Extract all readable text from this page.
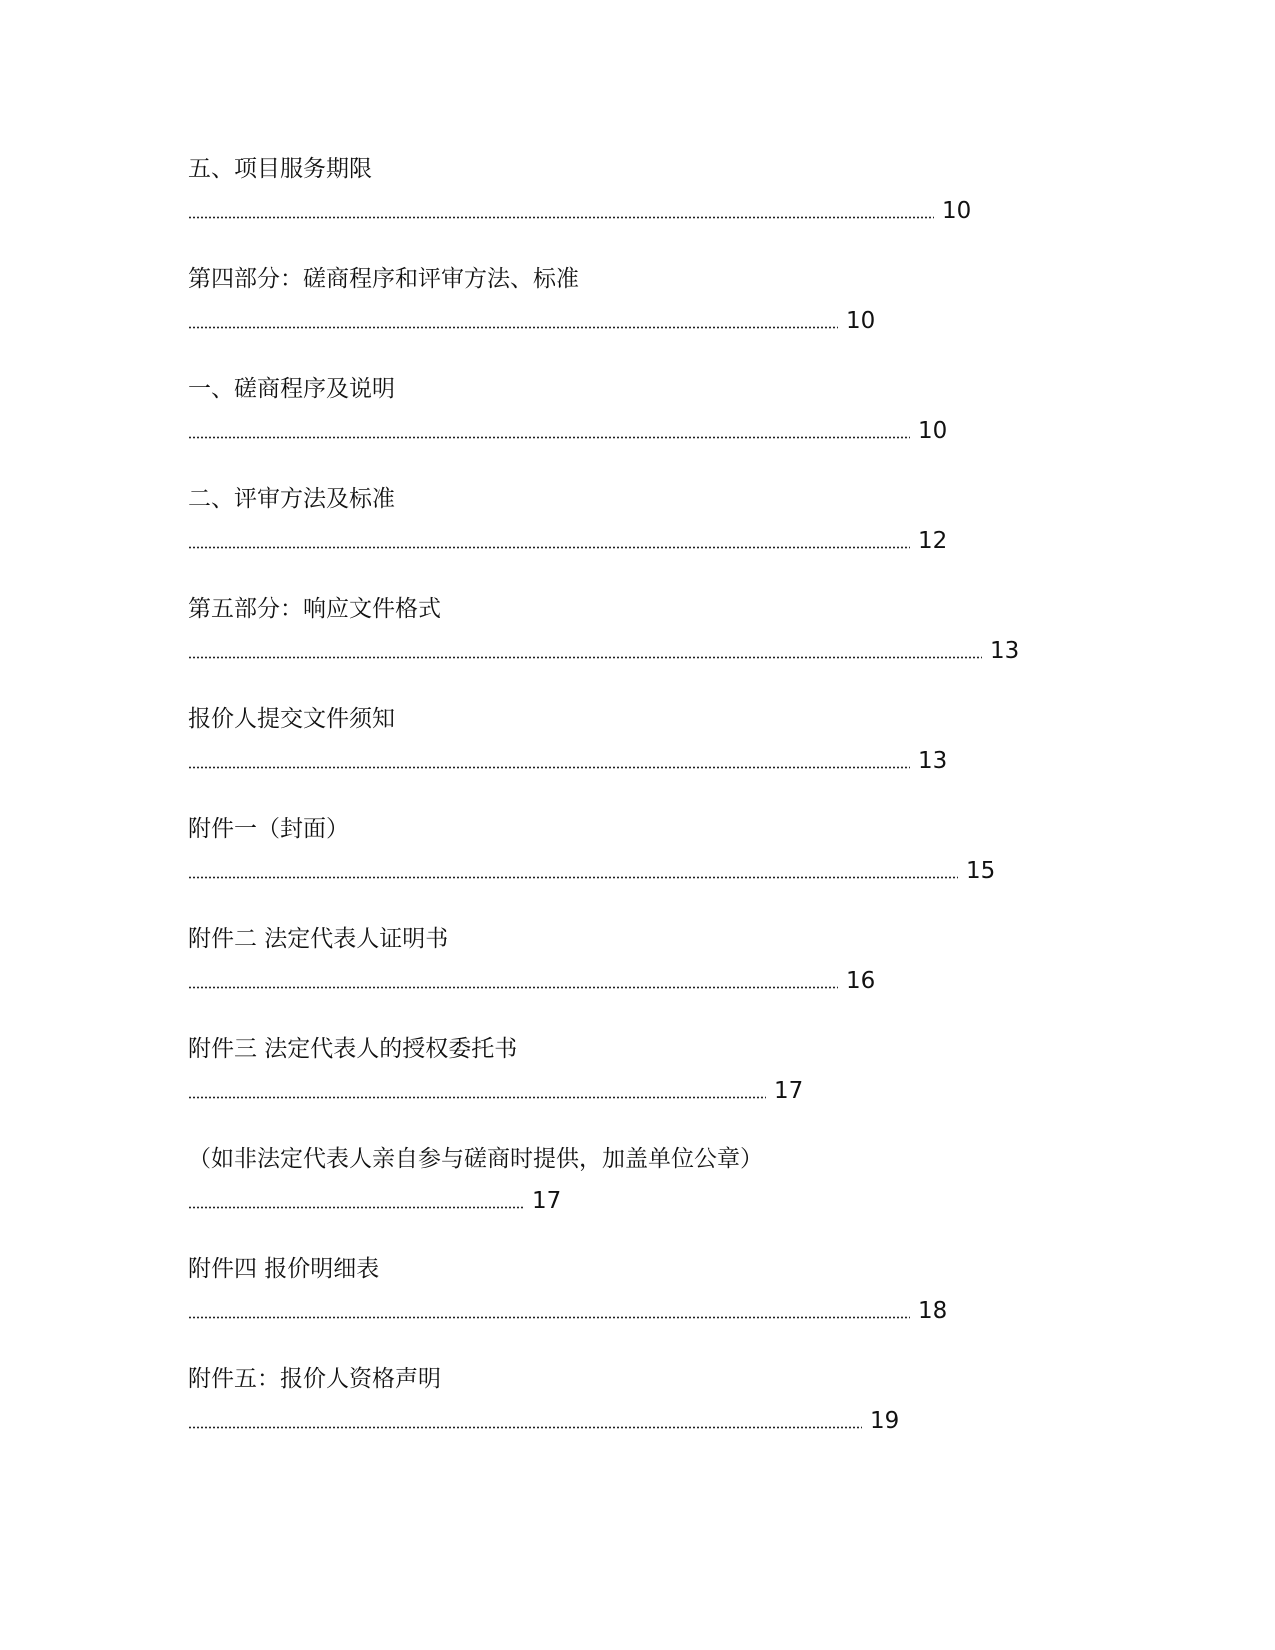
五、项目服务期限
10
第四部分：磋商程序和评审方法、标准
10
一、磋商程序及说明
10
二、评审方法及标准
12
第五部分：响应文件格式
13
报价人提交文件须知
13
附件一（封面）
15
附件二 法定代表人证明书
16
附件三 法定代表人的授权委托书
17
（如非法定代表人亲自参与磋商时提供，加盖单位公章）
17
附件四 报价明细表
18
附件五：报价人资格声明
19
